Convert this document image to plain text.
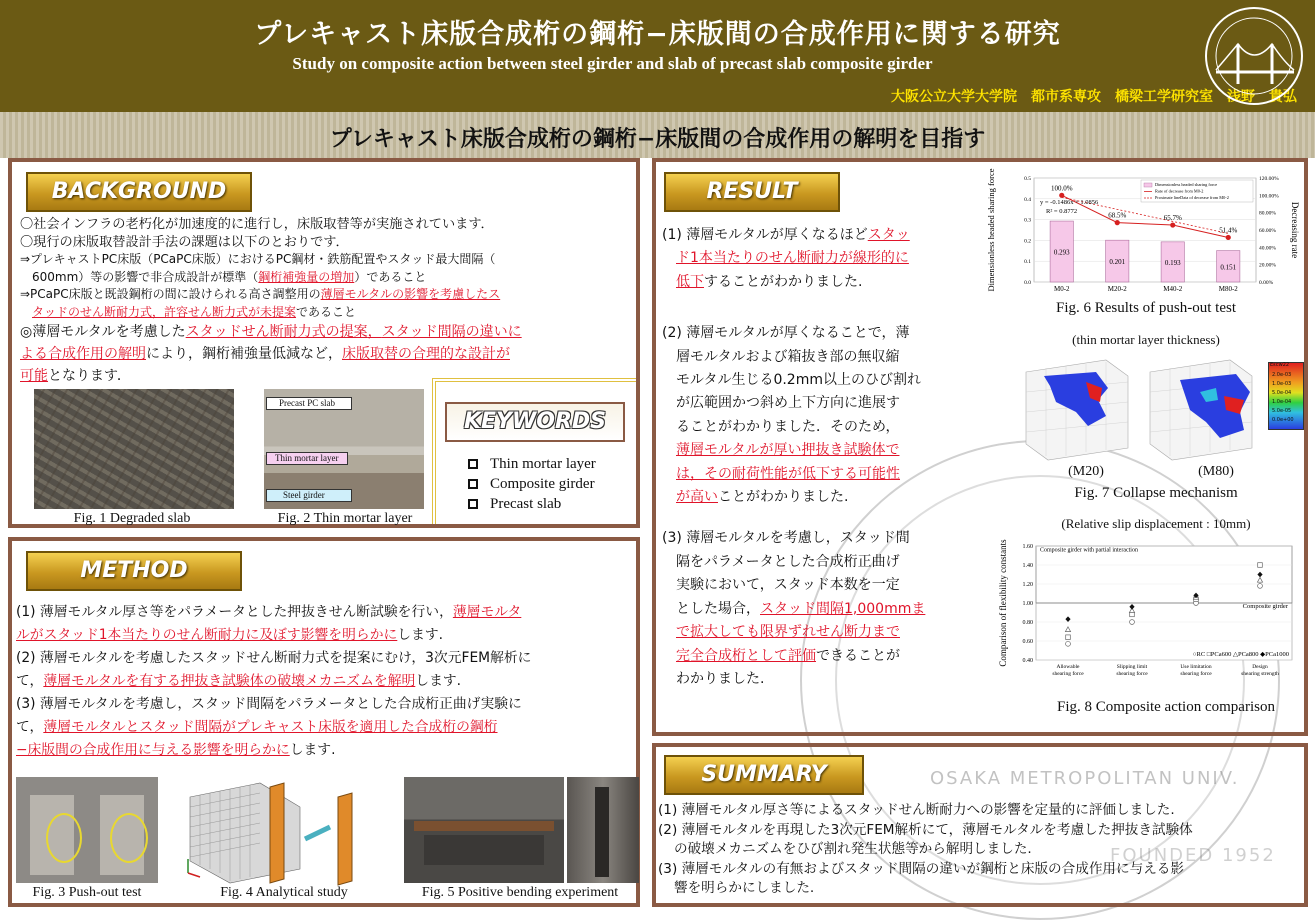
プレキャスト床版合成桁の鋼桁−床版間の合成作用に関する研究
Study on composite action between steel girder and slab of precast slab composite girder
大阪公立大学大学院　都市系専攻　橋梁工学研究室　浅野　貴弘
プレキャスト床版合成桁の鋼桁−床版間の合成作用の解明を目指す
BACKGROUND
〇社会インフラの老朽化が加速度的に進行し，床版取替等が実施されています．
〇現行の床版取替設計手法の課題は以下のとおりです．
⇒プレキャストPC床版（PCaPC床版）におけるPC鋼材・鉄筋配置やスタッド最大間隔（
600mm）等の影響で非合成設計が標準（鋼桁補強量の増加）であること
⇒PCaPC床版と既設鋼桁の間に設けられる高さ調整用の薄層モルタルの影響を考慮したス
タッドのせん断耐力式，許容せん断力式が未提案であること
◎薄層モルタルを考慮したスタッドせん断耐力式の提案，スタッド間隔の違いに
よる合成作用の解明により，鋼桁補強量低減など，床版取替の合理的な設計が
可能となります．
Fig. 1 Degraded slab
Precast PC slab
Thin mortar layer
Steel girder
Fig. 2 Thin mortar layer
KEYWORDS
Thin mortar layer
Composite girder
Precast slab
METHOD
(1) 薄層モルタル厚さ等をパラメータとした押抜きせん断試験を行い，薄層モルタ
ルがスタッド1本当たりのせん断耐力に及ぼす影響を明らかにします.
(2) 薄層モルタルを考慮したスタッドせん断耐力式を提案にむけ，3次元FEM解析に
て，薄層モルタルを有する押抜き試験体の破壊メカニズムを解明します.
(3) 薄層モルタルを考慮し，スタッド間隔をパラメータとした合成桁正曲げ実験に
て，薄層モルタルとスタッド間隔がプレキャスト床版を適用した合成桁の鋼桁
−床版間の合成作用に与える影響を明らかにします.
Fig. 3 Push-out test	Fig. 4 Analytical study	Fig. 5 Positive bending experiment
RESULT
(1) 薄層モルタルが厚くなるほどスタッ
ド1本当たりのせん断耐力が線形的に
低下することがわかりました.
(2) 薄層モルタルが厚くなることで，薄
層モルタルおよび箱抜き部の無収縮
モルタル生じる0.2mm以上のひび割れ
が広範囲かつ斜め上下方向に進展す
ることがわかりました．そのため，
薄層モルタルが厚い押抜き試験体で
は，その耐荷性能が低下する可能性
が高いことがわかりました.
(3) 薄層モルタルを考慮し，スタッド間
隔をパラメータとした合成桁正曲げ
実験において，スタッド本数を一定
とした場合，スタッド間隔1,000mmま
で拡大しても限界ずれせん断力まで
完全合成桁として評価できることが
わかりました.
0.0
0.1
0.2
0.3
0.4
0.5
0.00%
20.00%
40.00%
60.00%
80.00%
100.00%
120.00%
Dimensionless headed sharing force	Decreasing rate
0.293
M0-2
0.201
M20-2
0.193
M40-2
0.151
M80-2
100.0%
68.5%	65.7%
51.4%
y = -0.1486x + 1.0856
R² = 0.8772
Dimensionless headed sharing force
Rate of decrease from M0-2
Proximate lineData of decrease from M0-2
Fig. 6 Results of push-out test
(thin mortar layer thickness)
Eεcw22
2.0e-03
1.0e-03
5.0e-04
1.0e-04
5.0e-05
0.0e+00
(M20)	(M80)
Fig. 7 Collapse mechanism
(Relative slip displacement : 10mm)
0.40
0.60
0.80
1.00
1.20
1.40
1.60
Composite girder with partial interaction
Composite girder
Comparison of flexibility constants
Allowable
shearing force
Slipping limit
shearing force
Use limitation
shearing force
Design
shearing strength
○RC □PCa600 △PCa800 ◆PCa1000
Fig. 8 Composite action comparison
SUMMARY
(1) 薄層モルタル厚さ等によるスタッドせん断耐力への影響を定量的に評価しました.
(2) 薄層モルタルを再現した3次元FEM解析にて，薄層モルタルを考慮した押抜き試験体
の破壊メカニズムをひび割れ発生状態等から解明しました.
(3) 薄層モルタルの有無およびスタッド間隔の違いが鋼桁と床版の合成作用に与える影
響を明らかにしました.
OSAKA METROPOLITAN UNIV.
FOUNDED 1952
